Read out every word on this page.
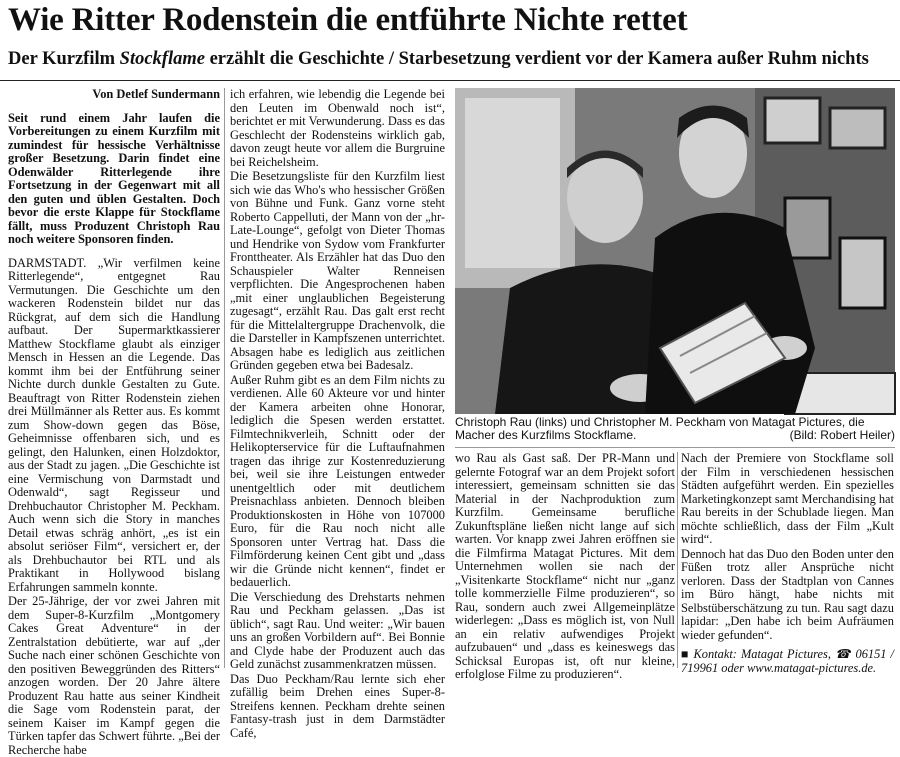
Wie Ritter Rodenstein die entführte Nichte rettet
Der Kurzfilm Stockflame erzählt die Geschichte / Starbesetzung verdient vor der Kamera außer Ruhm nichts

Von Detlef Sundermann

Seit rund einem Jahr laufen die Vorbereitungen zu einem Kurzfilm mit zumindest für hessische Verhältnisse großer Besetzung. Darin findet eine Odenwälder Ritterlegende ihre Fortsetzung in der Gegenwart mit all den guten und üblen Gestalten. Doch bevor die erste Klappe für Stockflame fällt, muss Produzent Christoph Rau noch weitere Sponsoren finden.

DARMSTADT. „Wir verfilmen keine Ritterlegende“, entgegnet Rau Vermutungen. Die Geschichte um den wackeren Rodenstein bildet nur das Rückgrat, auf dem sich die Handlung aufbaut. Der Supermarktkassierer Matthew Stockflame glaubt als einziger Mensch in Hessen an die Legende. Das kommt ihm bei der Entführung seiner Nichte durch dunkle Gestalten zu Gute. Beauftragt von Ritter Rodenstein ziehen drei Müllmänner als Retter aus. Es kommt zum Show-down gegen das Böse, Geheimnisse offenbaren sich, und es gelingt, den Halunken, einen Holzdoktor, aus der Stadt zu jagen. „Die Geschichte ist eine Vermischung von Darmstadt und Odenwald“, sagt Regisseur und Drehbuchautor Christopher M. Peckham. Auch wenn sich die Story in manches Detail etwas schräg anhört, „es ist ein absolut seriöser Film“, versichert er, der als Drehbuchautor bei RTL und als Praktikant in Hollywood bislang Erfahrungen sammeln konnte.

Der 25-Jährige, der vor zwei Jahren mit dem Super-8-Kurzfilm „Montgomery Cakes Great Adventure“ in der Zentralstation debütierte, war auf „der Suche nach einer schönen Geschichte von den positiven Beweggründen des Ritters“ anzogen worden. Der 20 Jahre ältere Produzent Rau hatte aus seiner Kindheit die Sage vom Rodenstein parat, der seinem Kaiser im Kampf gegen die Türken tapfer das Schwert führte. „Bei der Recherche habe

ich erfahren, wie lebendig die Legende bei den Leuten im Obenwald noch ist“, berichtet er mit Verwunderung. Dass es das Geschlecht der Rodensteins wirklich gab, davon zeugt heute vor allem die Burgruine bei Reichelsheim.

Die Besetzungsliste für den Kurzfilm liest sich wie das Who's who hessischer Größen von Bühne und Funk. Ganz vorne steht Roberto Cappelluti, der Mann von der „hr-Late-Lounge“, gefolgt von Dieter Thomas und Hendrike von Sydow vom Frankfurter Fronttheater. Als Erzähler hat das Duo den Schauspieler Walter Renneisen verpflichten. Die Angesprochenen haben „mit einer unglaublichen Begeisterung zugesagt“, erzählt Rau. Das galt erst recht für die Mittelaltergruppe Drachenvolk, die die Darsteller in Kampfszenen unterrichtet. Absagen habe es lediglich aus zeitlichen Gründen gegeben etwa bei Badesalz.

Außer Ruhm gibt es an dem Film nichts zu verdienen. Alle 60 Akteure vor und hinter der Kamera arbeiten ohne Honorar, lediglich die Spesen werden erstattet. Filmtechnikverleih, Schnitt oder der Helikopterservice für die Luftaufnahmen tragen das ihrige zur Kostenreduzierung bei, weil sie ihre Leistungen entweder unentgeltlich oder mit deutlichem Preisnachlass anbieten. Dennoch bleiben Produktionskosten in Höhe von 107000 Euro, für die Rau noch nicht alle Sponsoren unter Vertrag hat. Dass die Filmförderung keinen Cent gibt und „dass wir die Gründe nicht kennen“, findet er bedauerlich.

Die Verschiedung des Drehstarts nehmen Rau und Peckham gelassen. „Das ist üblich“, sagt Rau. Und weiter: „Wir bauen uns an großen Vorbildern auf“. Bei Bonnie and Clyde habe der Produzent auch das Geld zunächst zusammenkratzen müssen.

Das Duo Peckham/Rau lernte sich eher zufällig beim Drehen eines Super-8-Streifens kennen. Peckham drehte seinen Fantasy-trash just in dem Darmstädter Café,

Christoph Rau (links) und Christopher M. Peckham von Matagat Pictures, die Macher des Kurzfilms Stockflame.	(Bild: Robert Heiler)

wo Rau als Gast saß. Der PR-Mann und gelernte Fotograf war an dem Projekt sofort interessiert, gemeinsam schnitten sie das Material in der Nachproduktion zum Kurzfilm. Gemeinsame berufliche Zukunftspläne ließen nicht lange auf sich warten. Vor knapp zwei Jahren eröffnen sie die Filmfirma Matagat Pictures. Mit dem Unternehmen wollen sie nach der „Visitenkarte Stockflame“ nicht nur „ganz tolle kommerzielle Filme produzieren“, so Rau, sondern auch zwei Allgemeinplätze widerlegen: „Dass es möglich ist, von Null an ein relativ aufwendiges Projekt aufzubauen“ und „dass es keineswegs das Schicksal Europas ist, oft nur kleine, erfolglose Filme zu produzieren“.

Nach der Premiere von Stockflame soll der Film in verschiedenen hessischen Städten aufgeführt werden. Ein spezielles Marketingkonzept samt Merchandising hat Rau bereits in der Schublade liegen. Man möchte schließlich, dass der Film „Kult wird“.

Dennoch hat das Duo den Boden unter den Füßen trotz aller Ansprüche nicht verloren. Dass der Stadtplan von Cannes im Büro hängt, habe nichts mit Selbstüberschätzung zu tun. Rau sagt dazu lapidar: „Den habe ich beim Aufräumen wieder gefunden“.

■ Kontakt: Matagat Pictures, ☎ 06151 / 719961 oder www.matagat-pictures.de.
